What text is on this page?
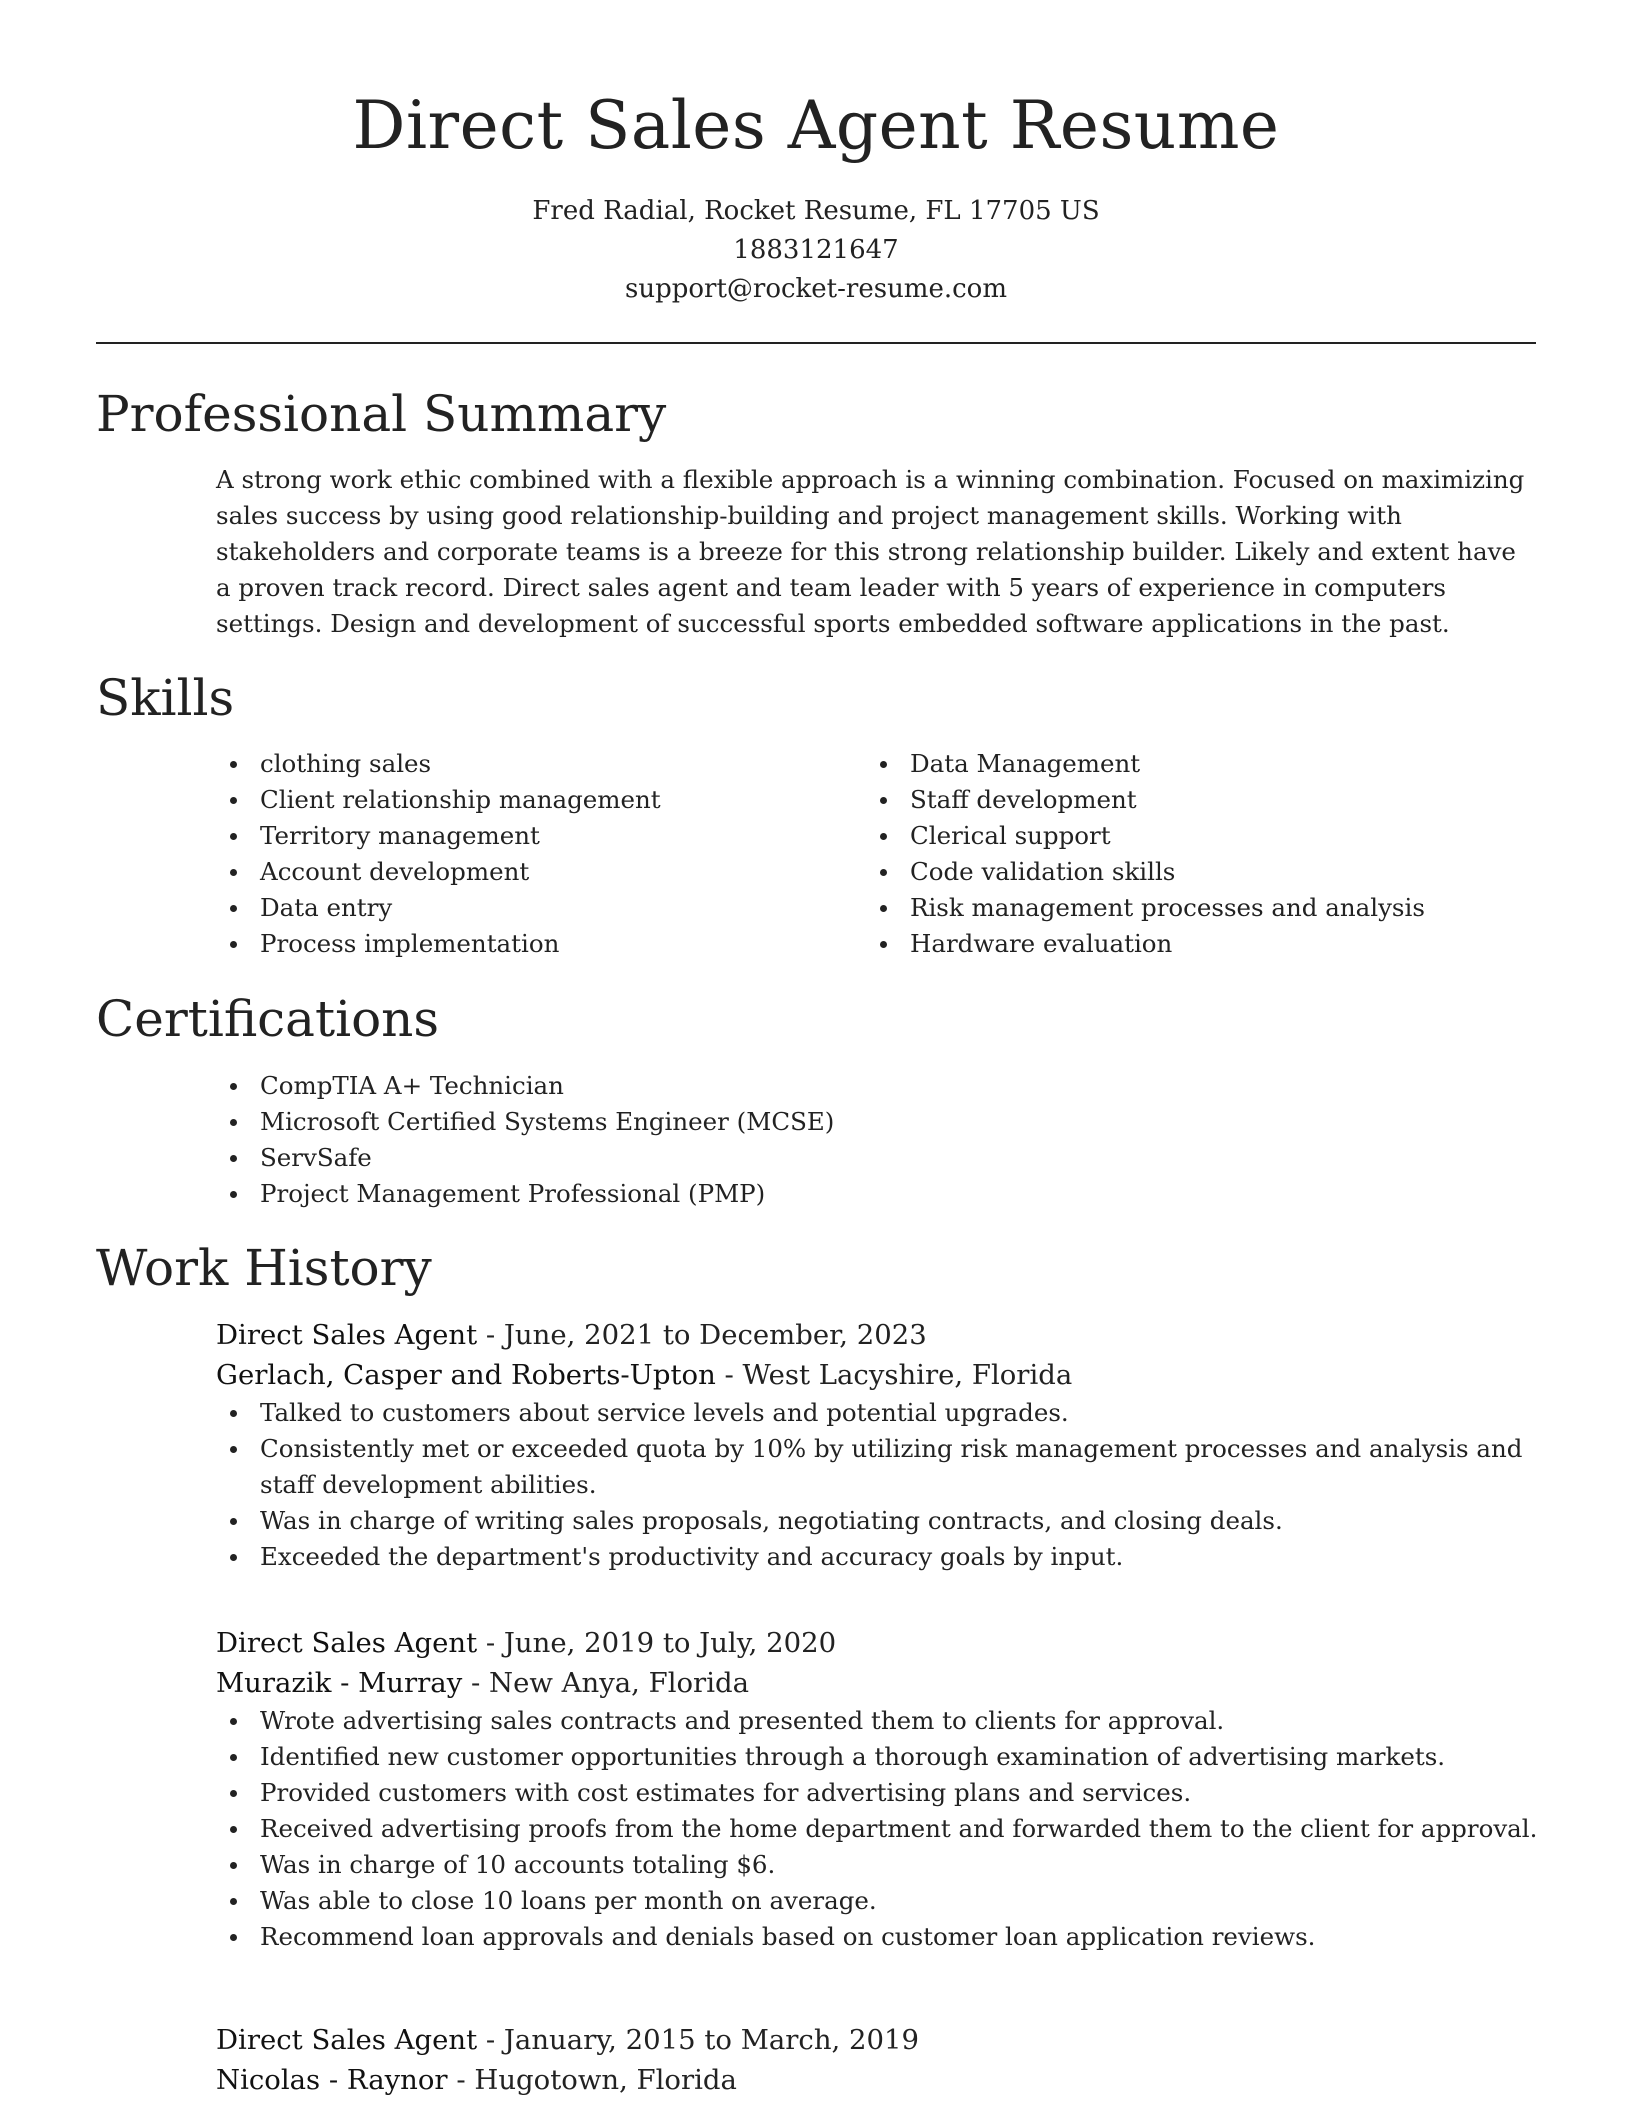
Direct Sales Agent Resume
Fred Radial, Rocket Resume, FL 17705 US
1883121647
support@rocket-resume.com
Professional Summary
A strong work ethic combined with a flexible approach is a winning combination. Focused on maximizing sales success by using good relationship-building and project management skills. Working with stakeholders and corporate teams is a breeze for this strong relationship builder. Likely and extent have a proven track record. Direct sales agent and team leader with 5 years of experience in computers settings. Design and development of successful sports embedded software applications in the past.
Skills
clothing sales
Client relationship management
Territory management
Account development
Data entry
Process implementation
Data Management
Staff development
Clerical support
Code validation skills
Risk management processes and analysis
Hardware evaluation
Certifications
CompTIA A+ Technician
Microsoft Certified Systems Engineer (MCSE)
ServSafe
Project Management Professional (PMP)
Work History
Direct Sales Agent - June, 2021 to December, 2023
Gerlach, Casper and Roberts-Upton - West Lacyshire, Florida
Talked to customers about service levels and potential upgrades.
Consistently met or exceeded quota by 10% by utilizing risk management processes and analysis and staff development abilities.
Was in charge of writing sales proposals, negotiating contracts, and closing deals.
Exceeded the department's productivity and accuracy goals by input.
Direct Sales Agent - June, 2019 to July, 2020
Murazik - Murray - New Anya, Florida
Wrote advertising sales contracts and presented them to clients for approval.
Identified new customer opportunities through a thorough examination of advertising markets.
Provided customers with cost estimates for advertising plans and services.
Received advertising proofs from the home department and forwarded them to the client for approval.
Was in charge of 10 accounts totaling $6.
Was able to close 10 loans per month on average.
Recommend loan approvals and denials based on customer loan application reviews.
Direct Sales Agent - January, 2015 to March, 2019
Nicolas - Raynor - Hugotown, Florida
